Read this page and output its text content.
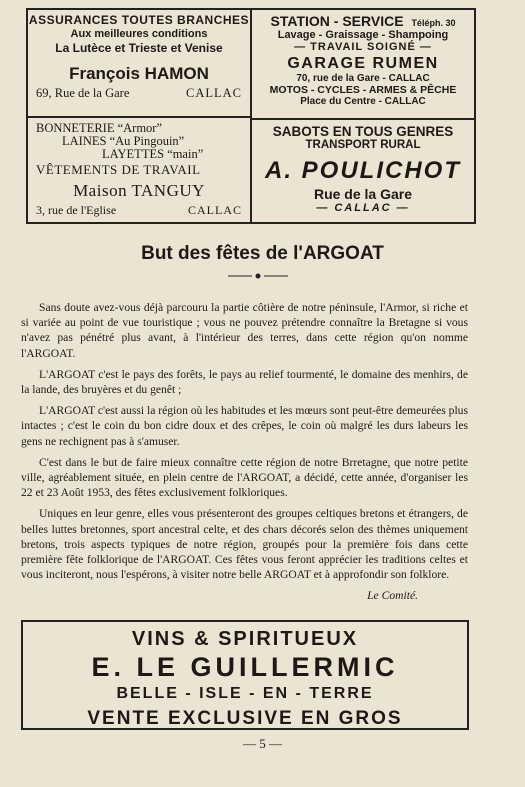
ASSURANCES TOUTES BRANCHES
Aux meilleures conditions
La Lutèce et Trieste et Venise
François HAMON
69, Rue de la Gare	CALLAC
STATION - SERVICE Téléph. 30
Lavage - Graissage - Shampoing
— TRAVAIL SOIGNÉ —
GARAGE RUMEN
70, rue de la Gare - CALLAC
MOTOS - CYCLES - ARMES & PÊCHE
Place du Centre - CALLAC
BONNETERIE “Armor”
LAINES “Au Pingouin”
LAYETTES “main”
VÊTEMENTS DE TRAVAIL
Maison TANGUY
3, rue de l'Eglise	CALLAC
SABOTS EN TOUS GENRES
TRANSPORT RURAL
A. POULICHOT
Rue de la Gare
— CALLAC —
But des fêtes de l'ARGOAT

Sans doute avez-vous déjà parcouru la partie côtière de notre péninsule, l'Armor, si riche et si variée au point de vue touristique ; vous ne pouvez prétendre connaître la Bretagne si vous n'avez pas pénétré plus avant, à l'intérieur des terres, dans cette région qu'on nomme l'ARGOAT.

L'ARGOAT c'est le pays des forêts, le pays au relief tourmenté, le domaine des menhirs, de la lande, des bruyères et du genêt ;

L'ARGOAT c'est aussi la région où les habitudes et les mœurs sont peut-être demeurées plus intactes ; c'est le coin du bon cidre doux et des crêpes, le coin où malgré les durs labeurs les gens ne rechignent pas à s'amuser.

C'est dans le but de faire mieux connaître cette région de notre Brretagne, que notre petite ville, agréablement située, en plein centre de l'ARGOAT, a décidé, cette année, d'organiser les 22 et 23 Août 1953, des fêtes exclusivement folkloriques.

Uniques en leur genre, elles vous présenteront des groupes celtiques bretons et étrangers, de belles luttes bretonnes, sport ancestral celte, et des chars décorés selon des thèmes uniquement bretons, trois aspects typiques de notre région, groupés pour la première fois dans cette première fête folklorique de l'ARGOAT. Ces fêtes vous feront apprécier les traditions celtes et vous inciteront, nous l'espérons, à visiter notre belle ARGOAT et à approfondir son folklore.

Le Comité.
VINS & SPIRITUEUX
E. LE GUILLERMIC
BELLE - ISLE - EN - TERRE
VENTE EXCLUSIVE EN GROS
— 5 —
